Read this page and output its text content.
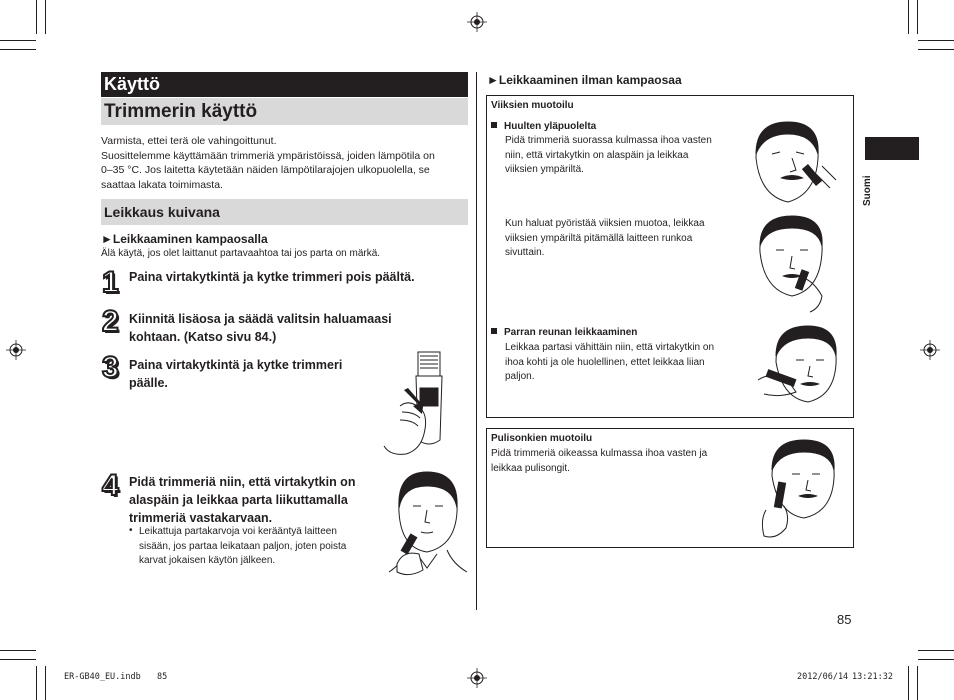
Käyttö
Trimmerin käyttö
Varmista, ettei terä ole vahingoittunut.
Suosittelemme käyttämään trimmeriä ympäristöissä, joiden lämpötila on
0–35 °C. Jos laitetta käytetään näiden lämpötilarajojen ulkopuolella, se
saattaa lakata toimimasta.
Leikkaus kuivana
►Leikkaaminen kampaosalla
Älä käytä, jos olet laittanut partavaahtoa tai jos parta on märkä.
1 Paina virtakytkintä ja kytke trimmeri pois päältä.
2 Kiinnitä lisäosa ja säädä valitsin haluamaasi
kohtaan. (Katso sivu 84.)
3 Paina virtakytkintä ja kytke trimmeri
päälle.
4 Pidä trimmeriä niin, että virtakytkin on
alaspäin ja leikkaa parta liikuttamalla
trimmeriä vastakarvaan.
• Leikattuja partakarvoja voi kerääntyä laitteen
sisään, jos partaa leikataan paljon, joten poista
karvat jokaisen käytön jälkeen.
►Leikkaaminen ilman kampaosaa
Viiksien muotoilu
Huulten yläpuolelta
Pidä trimmeriä suorassa kulmassa ihoa vasten
niin, että virtakytkin on alaspäin ja leikkaa
viiksien ympäriltä.
Kun haluat pyöristää viiksien muotoa, leikkaa
viiksien ympäriltä pitämällä laitteen runkoa
sivuttain.
Parran reunan leikkaaminen
Leikkaa partasi vähittäin niin, että virtakytkin on
ihoa kohti ja ole huolellinen, ettet leikkaa liian
paljon.
Pulisonkien muotoilu
Pidä trimmeriä oikeassa kulmassa ihoa vasten ja
leikkaa pulisongit.
Suomi
85
ER-GB40_EU.indb 85	2012/06/14 13:21:32
